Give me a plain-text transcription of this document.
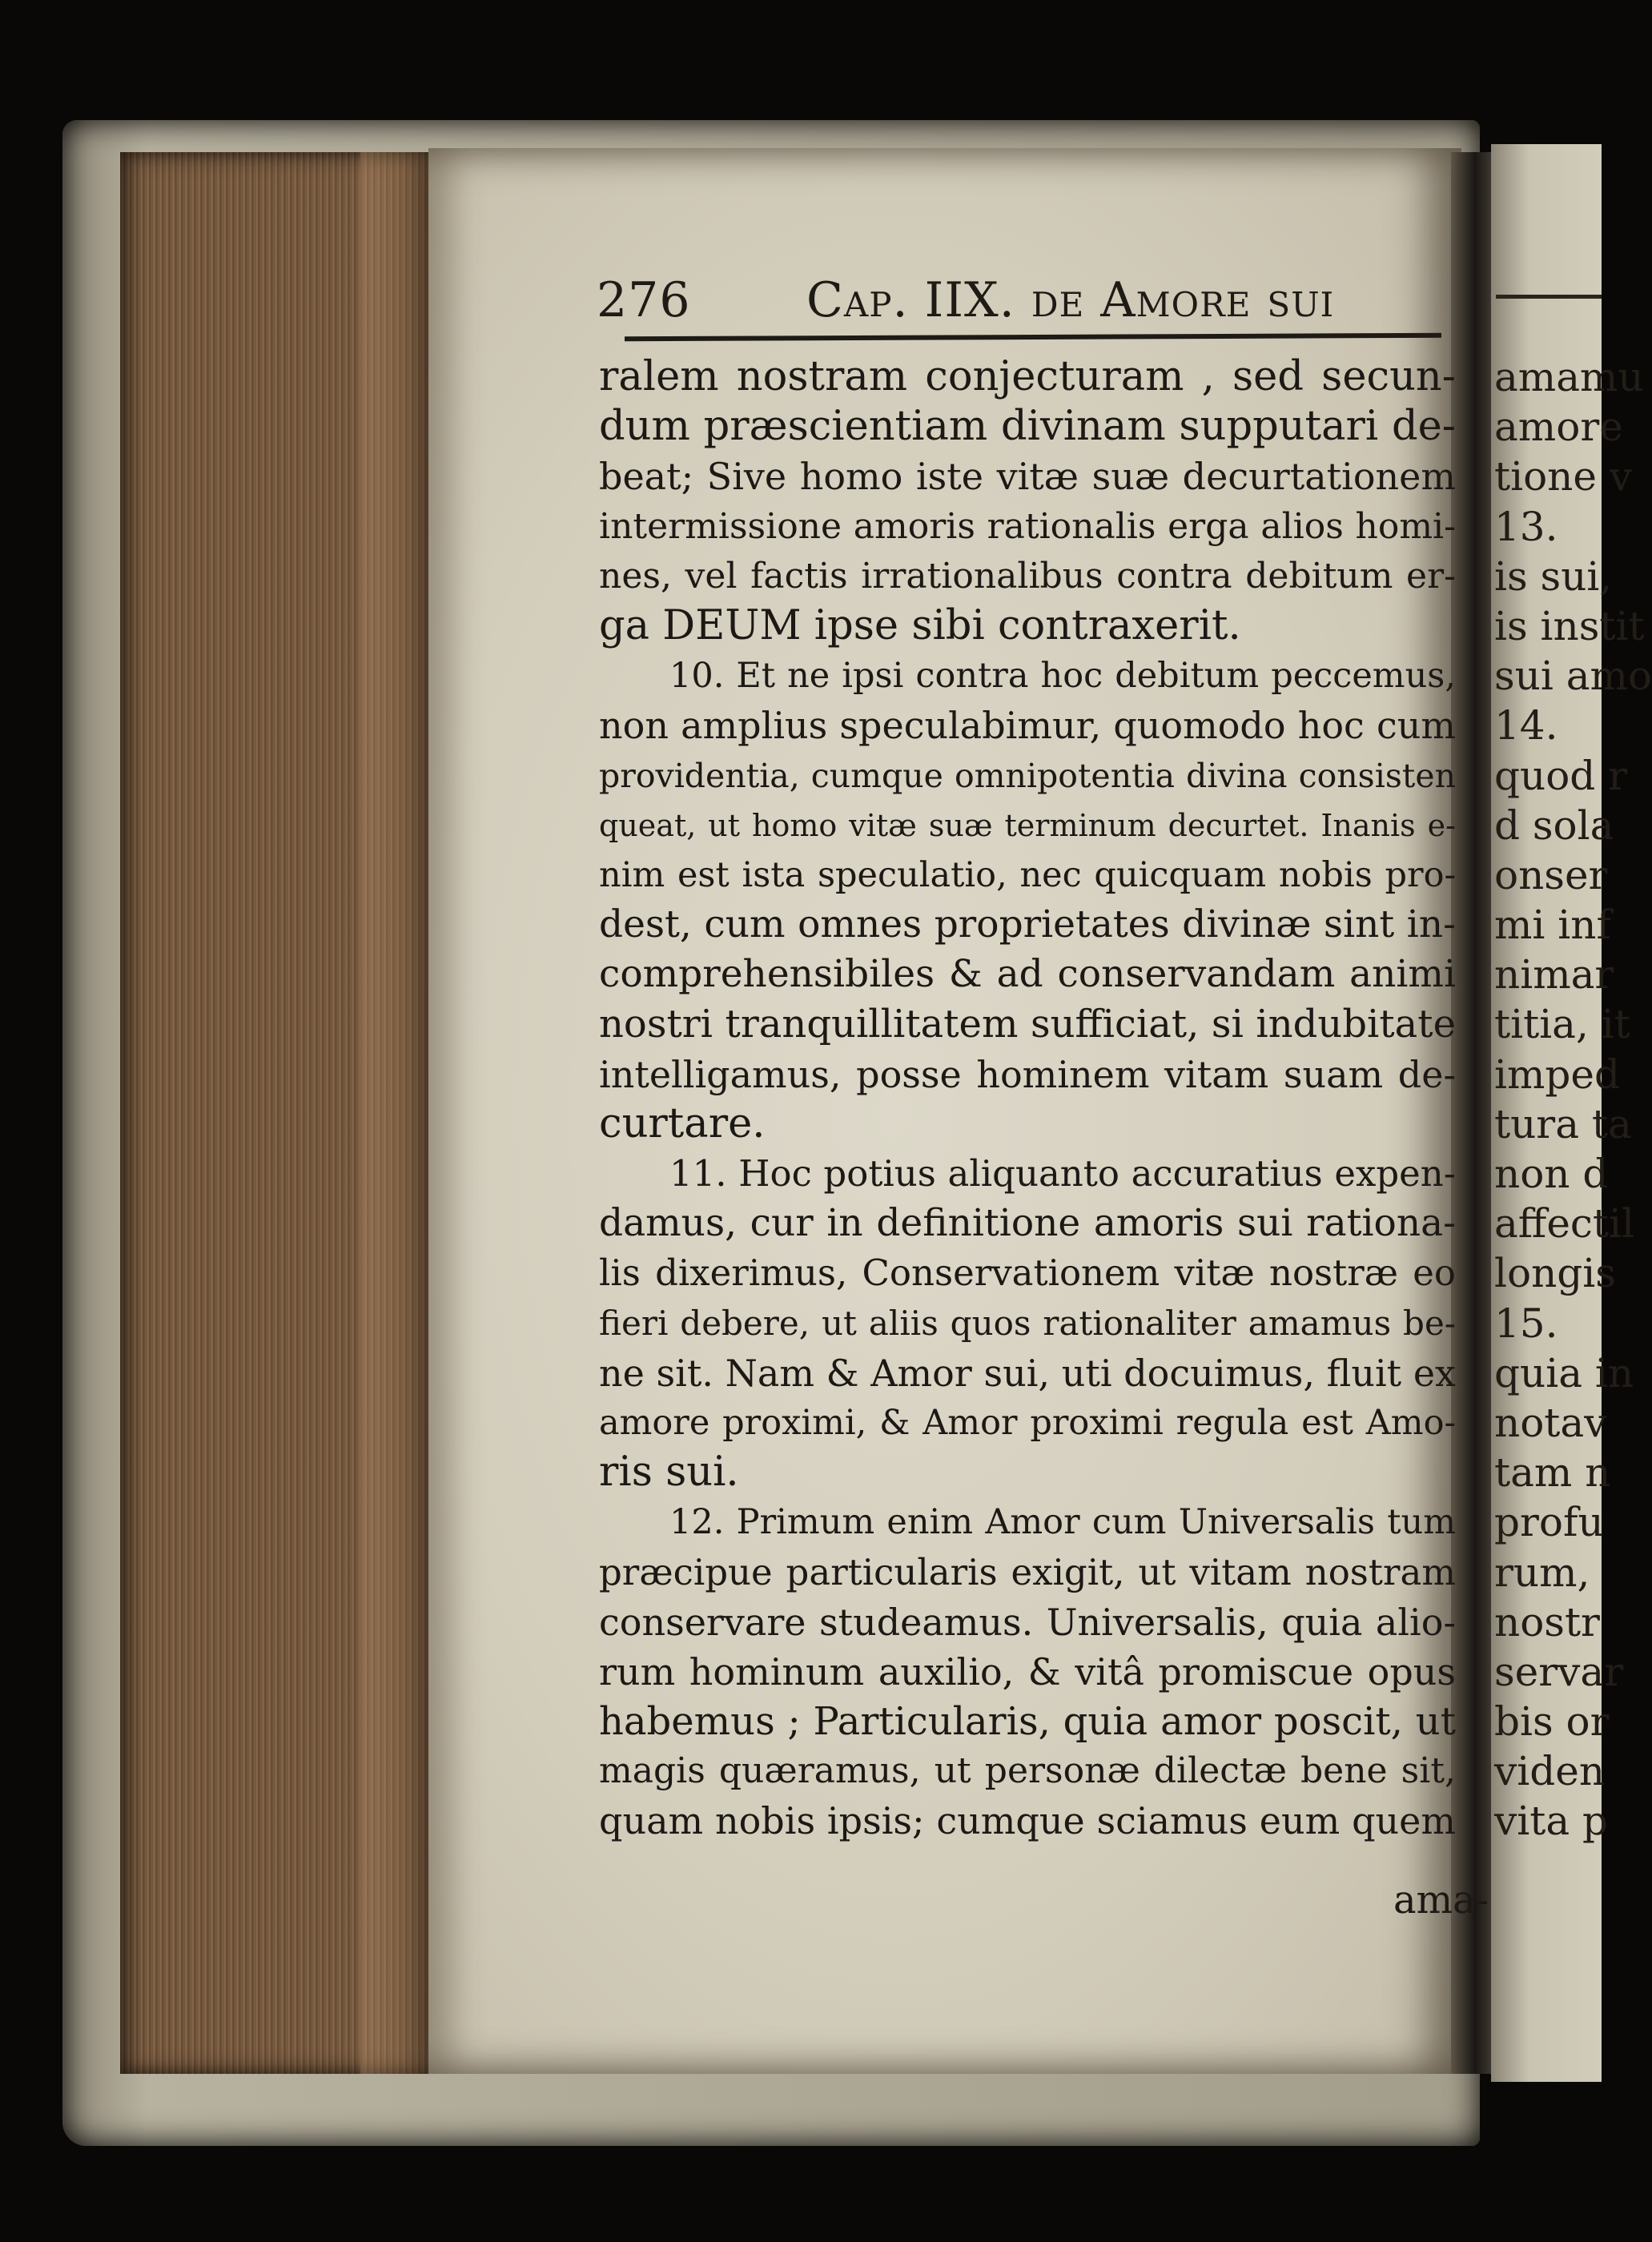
276 Cap. IIX. de Amore sui
ralem nostram conjecturam , sed secun-
dum præscientiam divinam supputari de-
beat; Sive homo iste vitæ suæ decurtationem
intermissione amoris rationalis erga alios homi-
nes, vel factis irrationalibus contra debitum er-
ga DEUM ipse sibi contraxerit.
10. Et ne ipsi contra hoc debitum peccemus,
non amplius speculabimur, quomodo hoc cum
providentia, cumque omnipotentia divina consisten
queat, ut homo vitæ suæ terminum decurtet. Inanis e-
nim est ista speculatio, nec quicquam nobis pro-
dest, cum omnes proprietates divinæ sint in-
comprehensibiles & ad conservandam animi
nostri tranquillitatem sufficiat, si indubitate
intelligamus, posse hominem vitam suam de-
curtare.
11. Hoc potius aliquanto accuratius expen-
damus, cur in definitione amoris sui rationa-
lis dixerimus, Conservationem vitæ nostræ eo
fieri debere, ut aliis quos rationaliter amamus be-
ne sit. Nam & Amor sui, uti docuimus, fluit ex
amore proximi, & Amor proximi regula est Amo-
ris sui.
12. Primum enim Amor cum Universalis tum
præcipue particularis exigit, ut vitam nostram
conservare studeamus. Universalis, quia alio-
rum hominum auxilio, & vitâ promiscue opus
habemus ; Particularis, quia amor poscit, ut
magis quæramus, ut personæ dilectæ bene sit,
quam nobis ipsis; cumque sciamus eum quem
ama-
amamu
amore
tione v
13.
is sui,
is instit
sui amo
14.
quod r
d sola
onser
mi inf
nimar
titia, it
imped
tura ta
non d
affectil
longis
15.
quia in
notav
tam n
profu
rum,
nostr
servar
bis or
viden
vita p
